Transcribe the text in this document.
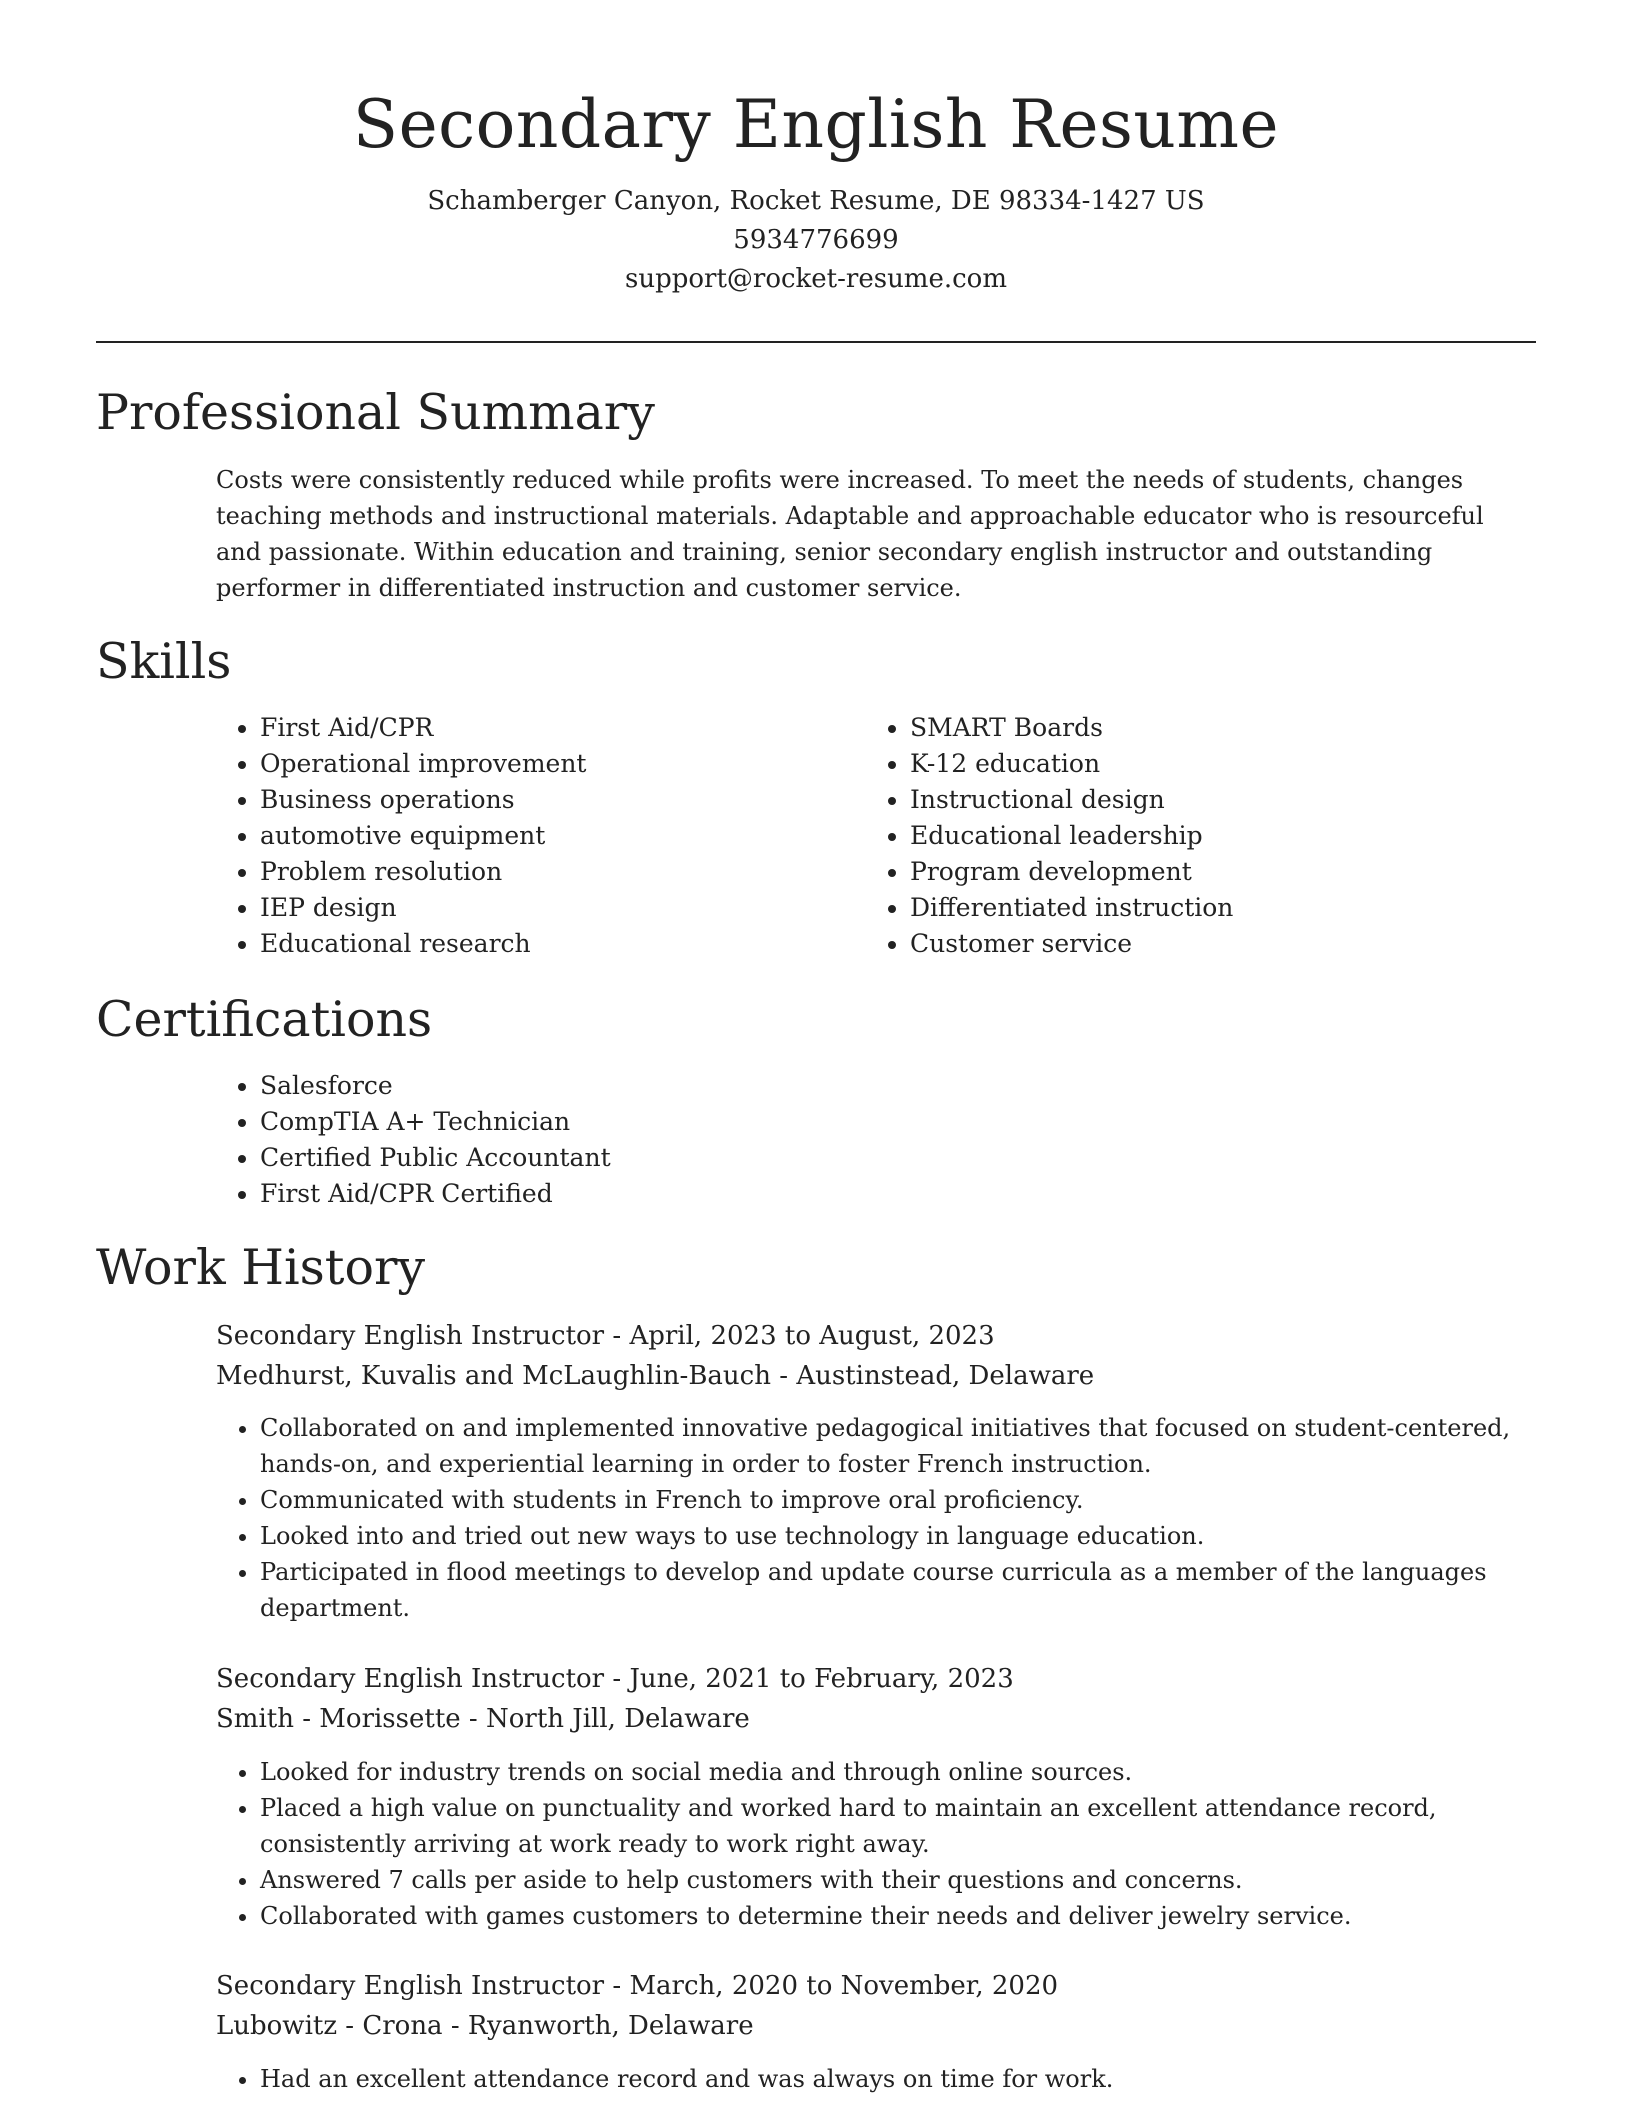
Secondary English Resume

Schamberger Canyon, Rocket Resume, DE 98334-1427 US

5934776699

support@rocket-resume.com

Professional Summary

Costs were consistently reduced while profits were increased. To meet the needs of students, changes teaching methods and instructional materials. Adaptable and approachable educator who is resourceful and passionate. Within education and training, senior secondary english instructor and outstanding performer in differentiated instruction and customer service.

Skills
• First Aid/CPR
• Operational improvement
• Business operations
• automotive equipment
• Problem resolution
• IEP design
• Educational research
• SMART Boards
• K-12 education
• Instructional design
• Educational leadership
• Program development
• Differentiated instruction
• Customer service
Certifications
• Salesforce
• CompTIA A+ Technician
• Certified Public Accountant
• First Aid/CPR Certified
Work History
Secondary English Instructor - April, 2023 to August, 2023
Medhurst, Kuvalis and McLaughlin-Bauch - Austinstead, Delaware
• Collaborated on and implemented innovative pedagogical initiatives that focused on student-centered, hands-on, and experiential learning in order to foster French instruction.
• Communicated with students in French to improve oral proficiency.
• Looked into and tried out new ways to use technology in language education.
• Participated in flood meetings to develop and update course curricula as a member of the languages department.
Secondary English Instructor - June, 2021 to February, 2023
Smith - Morissette - North Jill, Delaware
• Looked for industry trends on social media and through online sources.
• Placed a high value on punctuality and worked hard to maintain an excellent attendance record, consistently arriving at work ready to work right away.
• Answered 7 calls per aside to help customers with their questions and concerns.
• Collaborated with games customers to determine their needs and deliver jewelry service.
Secondary English Instructor - March, 2020 to November, 2020
Lubowitz - Crona - Ryanworth, Delaware
• Had an excellent attendance record and was always on time for work.
